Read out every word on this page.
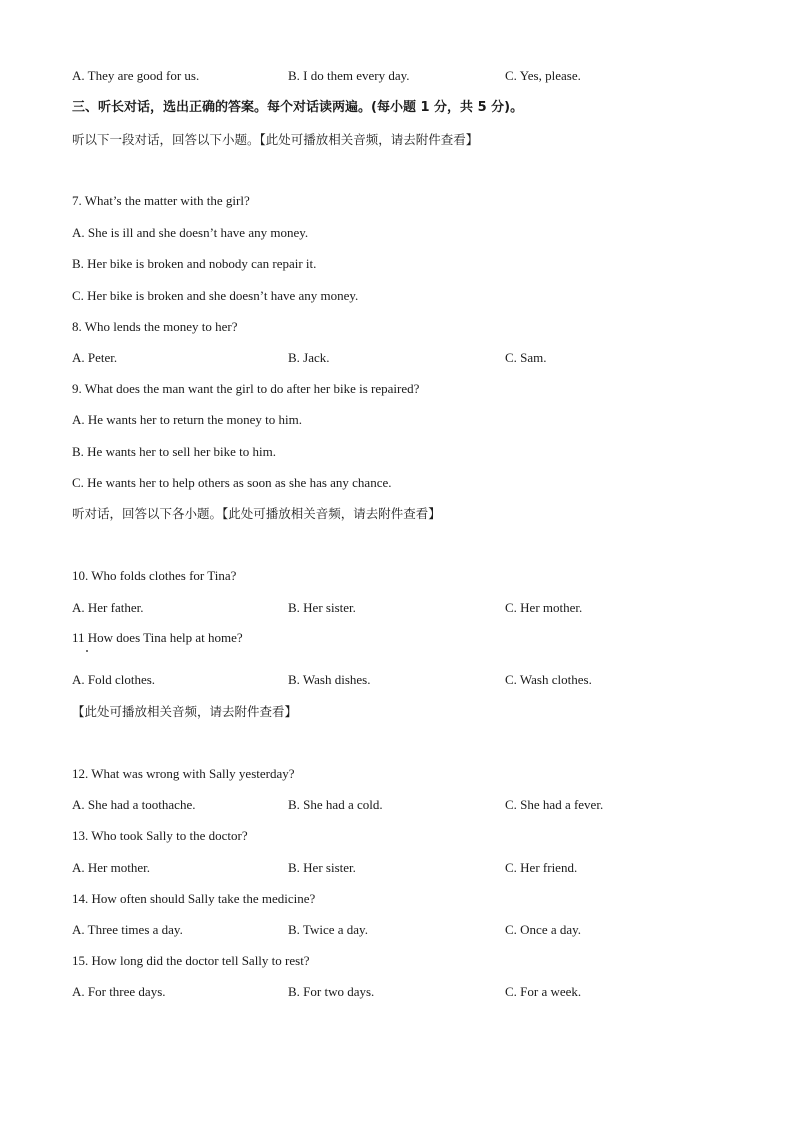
A. They are good for us.	B. I do them every day.	C. Yes, please.
三、听长对话，选出正确的答案。每个对话读两遍。(每小题 1 分，共 5 分)。
听以下一段对话，回答以下小题。【此处可播放相关音频，请去附件查看】
7. What’s the matter with the girl?
A. She is ill and she doesn’t have any money.
B. Her bike is broken and nobody can repair it.
C. Her bike is broken and she doesn’t have any money.
8. Who lends the money to her?
A. Peter.	B. Jack.	C. Sam.
9. What does the man want the girl to do after her bike is repaired?
A. He wants her to return the money to him.
B. He wants her to sell her bike to him.
C. He wants her to help others as soon as she has any chance.
听对话，回答以下各小题。【此处可播放相关音频，请去附件查看】
10. Who folds clothes for Tina?
A. Her father.	B. Her sister.	C. Her mother.
11 How does Tina help at home?
A. Fold clothes.	B. Wash dishes.	C. Wash clothes.
【此处可播放相关音频，请去附件查看】
12. What was wrong with Sally yesterday?
A. She had a toothache.	B. She had a cold.	C. She had a fever.
13. Who took Sally to the doctor?
A. Her mother.	B. Her sister.	C. Her friend.
14. How often should Sally take the medicine?
A. Three times a day.	B. Twice a day.	C. Once a day.
15. How long did the doctor tell Sally to rest?
A. For three days.	B. For two days.	C. For a week.
